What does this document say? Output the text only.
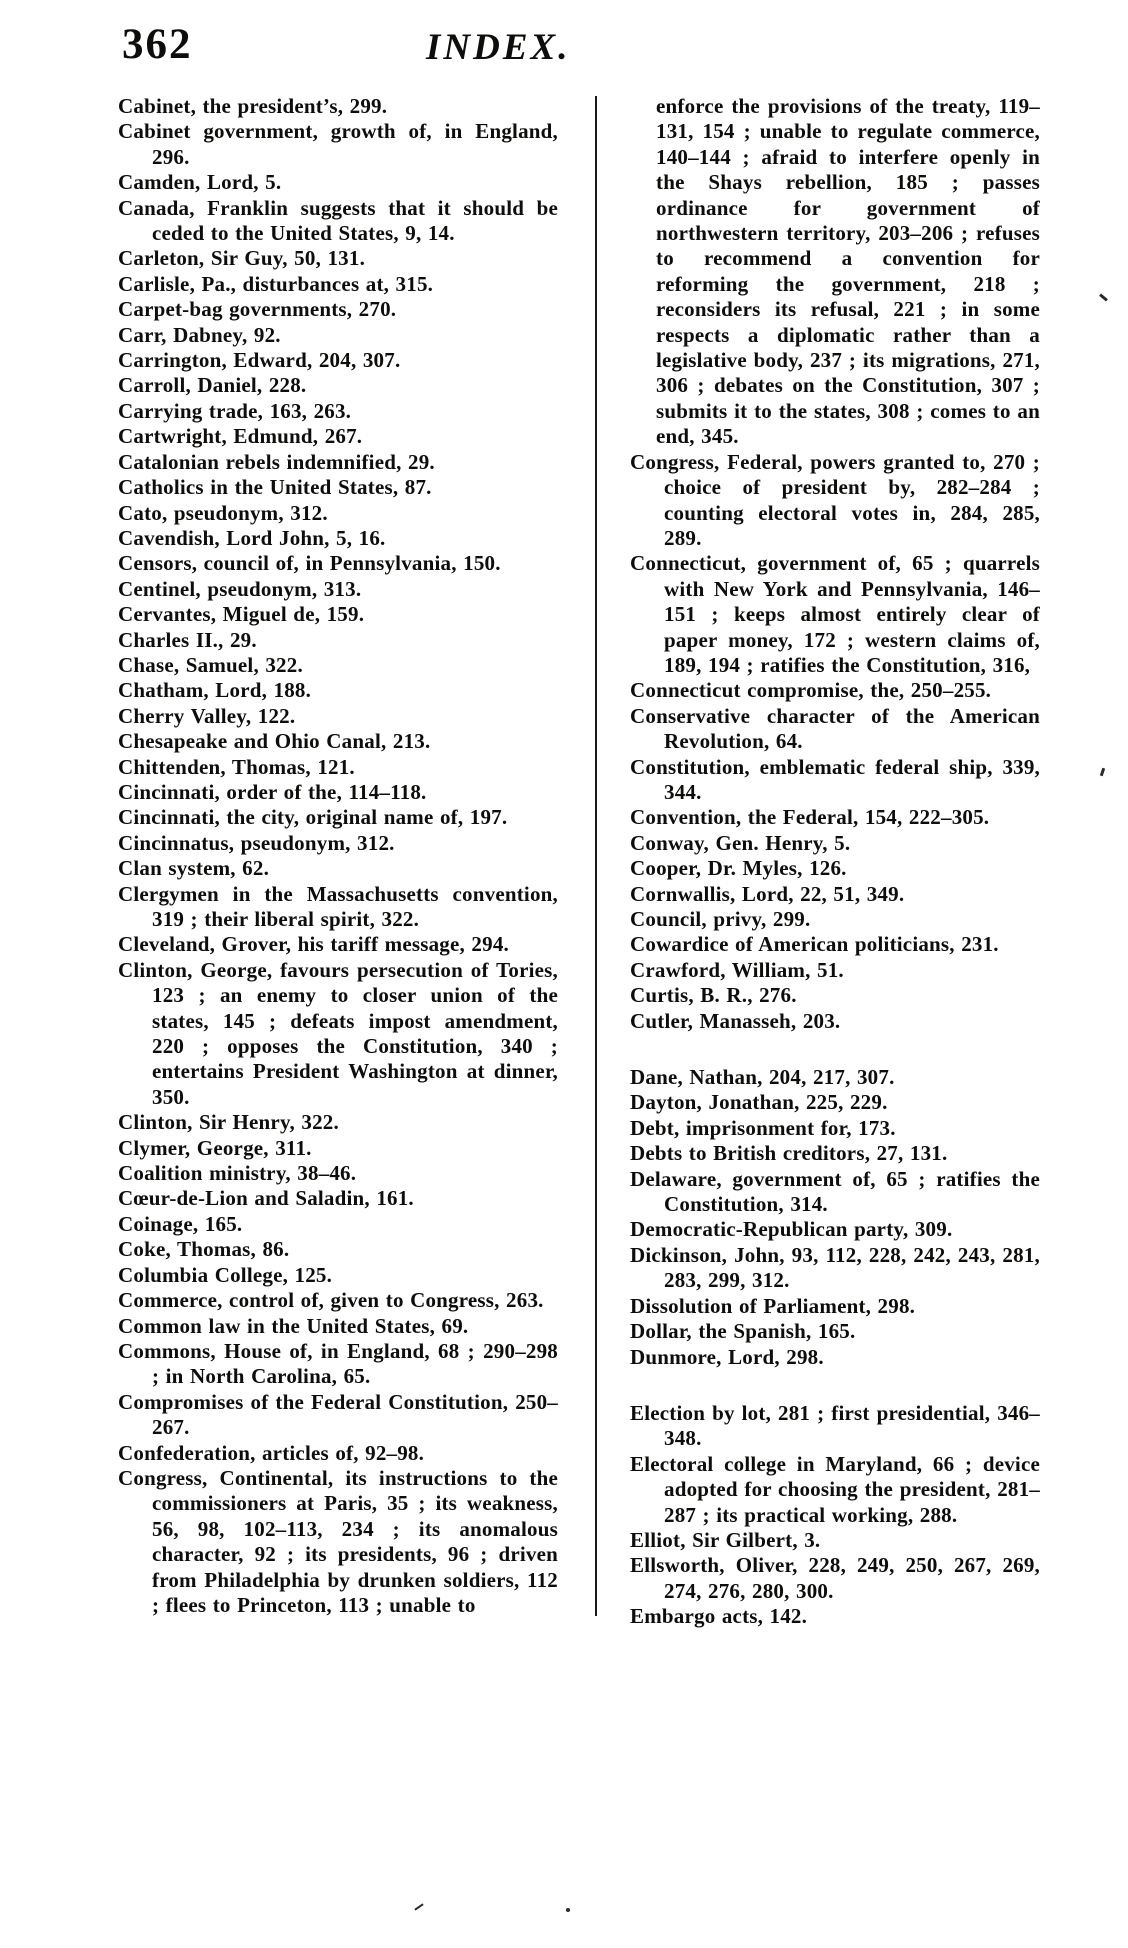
362	INDEX.

Cabinet, the president’s, 299.

Cabinet government, growth of, in England, 296.

Camden, Lord, 5.

Canada, Franklin suggests that it should be ceded to the United States, 9, 14.

Carleton, Sir Guy, 50, 131.

Carlisle, Pa., disturbances at, 315.

Carpet-bag governments, 270.

Carr, Dabney, 92.

Carrington, Edward, 204, 307.

Carroll, Daniel, 228.

Carrying trade, 163, 263.

Cartwright, Edmund, 267.

Catalonian rebels indemnified, 29.

Catholics in the United States, 87.

Cato, pseudonym, 312.

Cavendish, Lord John, 5, 16.

Censors, council of, in Pennsylvania, 150.

Centinel, pseudonym, 313.

Cervantes, Miguel de, 159.

Charles II., 29.

Chase, Samuel, 322.

Chatham, Lord, 188.

Cherry Valley, 122.

Chesapeake and Ohio Canal, 213.

Chittenden, Thomas, 121.

Cincinnati, order of the, 114–118.

Cincinnati, the city, original name of, 197.

Cincinnatus, pseudonym, 312.

Clan system, 62.

Clergymen in the Massachusetts convention, 319 ; their liberal spirit, 322.

Cleveland, Grover, his tariff message, 294.

Clinton, George, favours persecution of Tories, 123 ; an enemy to closer union of the states, 145 ; defeats impost amendment, 220 ; opposes the Constitution, 340 ; entertains President Washington at dinner, 350.

Clinton, Sir Henry, 322.

Clymer, George, 311.

Coalition ministry, 38–46.

Cœur-de-Lion and Saladin, 161.

Coinage, 165.

Coke, Thomas, 86.

Columbia College, 125.

Commerce, control of, given to Congress, 263.

Common law in the United States, 69.

Commons, House of, in England, 68 ; 290–298 ; in North Carolina, 65.

Compromises of the Federal Constitution, 250–267.

Confederation, articles of, 92–98.

Congress, Continental, its instructions to the commissioners at Paris, 35 ; its weakness, 56, 98, 102–113, 234 ; its anomalous character, 92 ; its presidents, 96 ; driven from Philadelphia by drunken soldiers, 112 ; flees to Princeton, 113 ; unable to

enforce the provisions of the treaty, 119–131, 154 ; unable to regulate commerce, 140–144 ; afraid to interfere openly in the Shays rebellion, 185 ; passes ordinance for government of northwestern territory, 203–206 ; refuses to recommend a convention for reforming the government, 218 ; reconsiders its refusal, 221 ; in some respects a diplomatic rather than a legislative body, 237 ; its migrations, 271, 306 ; debates on the Constitution, 307 ; submits it to the states, 308 ; comes to an end, 345.

Congress, Federal, powers granted to, 270 ; choice of president by, 282–284 ; counting electoral votes in, 284, 285, 289.

Connecticut, government of, 65 ; quarrels with New York and Pennsylvania, 146–151 ; keeps almost entirely clear of paper money, 172 ; western claims of, 189, 194 ; ratifies the Constitution, 316,

Connecticut compromise, the, 250–255.

Conservative character of the American Revolution, 64.

Constitution, emblematic federal ship, 339, 344.

Convention, the Federal, 154, 222–305.

Conway, Gen. Henry, 5.

Cooper, Dr. Myles, 126.

Cornwallis, Lord, 22, 51, 349.

Council, privy, 299.

Cowardice of American politicians, 231.

Crawford, William, 51.

Curtis, B. R., 276.

Cutler, Manasseh, 203.

Dane, Nathan, 204, 217, 307.

Dayton, Jonathan, 225, 229.

Debt, imprisonment for, 173.

Debts to British creditors, 27, 131.

Delaware, government of, 65 ; ratifies the Constitution, 314.

Democratic-Republican party, 309.

Dickinson, John, 93, 112, 228, 242, 243, 281, 283, 299, 312.

Dissolution of Parliament, 298.

Dollar, the Spanish, 165.

Dunmore, Lord, 298.

Election by lot, 281 ; first presidential, 346–348.

Electoral college in Maryland, 66 ; device adopted for choosing the president, 281–287 ; its practical working, 288.

Elliot, Sir Gilbert, 3.

Ellsworth, Oliver, 228, 249, 250, 267, 269, 274, 276, 280, 300.

Embargo acts, 142.
